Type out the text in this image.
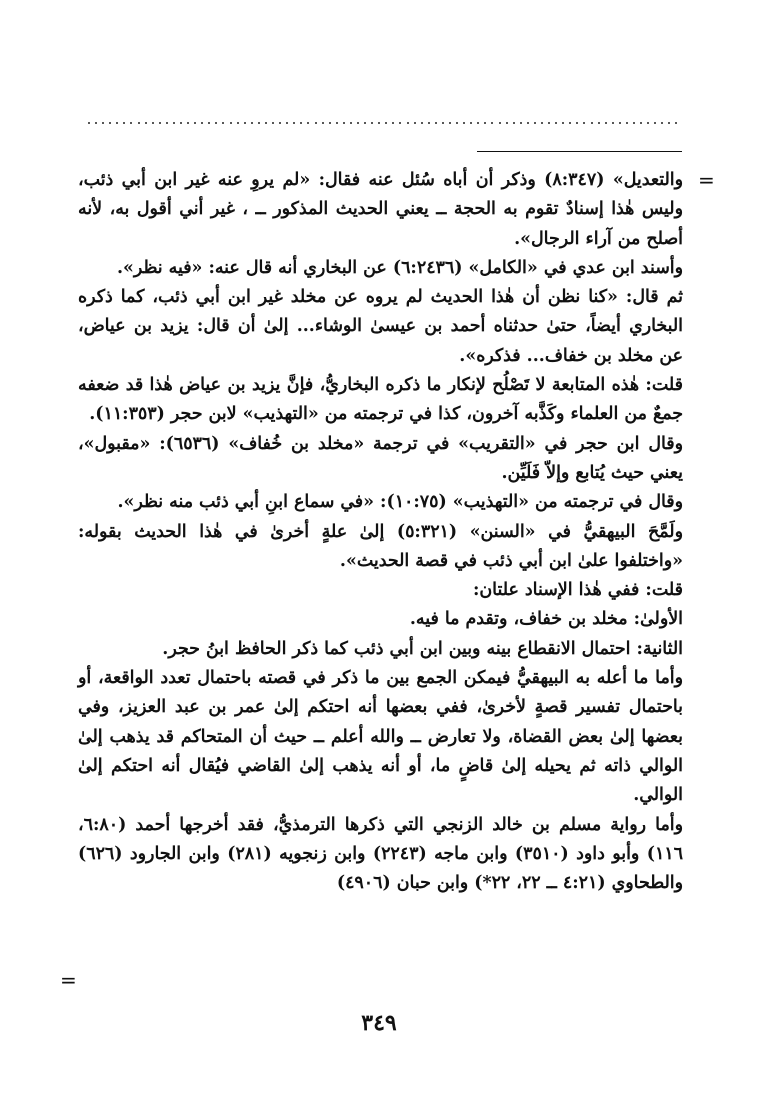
=

والتعديل» (٨:٣٤٧) وذكر أن أباه سُئل عنه فقال: «لم يروِ عنه غير ابن أبي ذئب، وليس هٰذا إسنادٌ تقوم به الحجة ــ يعني الحديث المذكور ــ ، غير أني أقول به، لأنه أصلح من آراء الرجال».

وأسند ابن عدي في «الكامل» (٦:٢٤٣٦) عن البخاري أنه قال عنه: «فيه نظر».

ثم قال: «كنا نظن أن هٰذا الحديث لم يروه عن مخلد غير ابن أبي ذئب، كما ذكره البخاري أيضاً، حتىٰ حدثناه أحمد بن عيسىٰ الوشاء... إلىٰ أن قال: يزيد بن عياض، عن مخلد بن خفاف... فذكره».

قلت: هٰذه المتابعة لا تَصْلُح لإنكار ما ذكره البخاريُّ، فإنَّ يزيد بن عياض هٰذا قد ضعفه جمعٌ من العلماء وكَذَّبه آخرون، كذا في ترجمته من «التهذيب» لابن حجر (١١:٣٥٣).

وقال ابن حجر في «التقريب» في ترجمة «مخلد بن خُفاف» (٦٥٣٦): «مقبول»، يعني حيث يُتابع وإلاّ فَلَيِّن.

وقال في ترجمته من «التهذيب» (١٠:٧٥): «في سماع ابنِ أبي ذئب منه نظر».

ولَمَّحَ البيهقيُّ في «السنن» (٥:٣٢١) إلىٰ علةٍ أخرىٰ في هٰذا الحديث بقوله: «واختلفوا علىٰ ابن أبي ذئب في قصة الحديث».

قلت: ففي هٰذا الإسناد علتان:

الأولىٰ: مخلد بن خفاف، وتقدم ما فيه.

الثانية: احتمال الانقطاع بينه وبين ابن أبي ذئب كما ذكر الحافظ ابنُ حجر.

وأما ما أعله به البيهقيُّ فيمكن الجمع بين ما ذكر في قصته باحتمال تعدد الواقعة، أو باحتمال تفسير قصةٍ لأخرىٰ، ففي بعضها أنه احتكم إلىٰ عمر بن عبد العزيز، وفي بعضها إلىٰ بعض القضاة، ولا تعارض ــ والله أعلم ــ حيث أن المتحاكم قد يذهب إلىٰ الوالي ذاته ثم يحيله إلىٰ قاضٍ ما، أو أنه يذهب إلىٰ القاضي فيُقال أنه احتكم إلىٰ الوالي.

وأما رواية مسلم بن خالد الزنجي التي ذكرها الترمذيُّ، فقد أخرجها أحمد (٦:٨٠، ١١٦) وأبو داود (٣٥١٠) وابن ماجه (٢٢٤٣) وابن زنجويه (٢٨١) وابن الجارود (٦٢٦) والطحاوي (٤:٢١ ــ ٢٢، ٢٢*) وابن حبان (٤٩٠٦)

=
٣٤٩
